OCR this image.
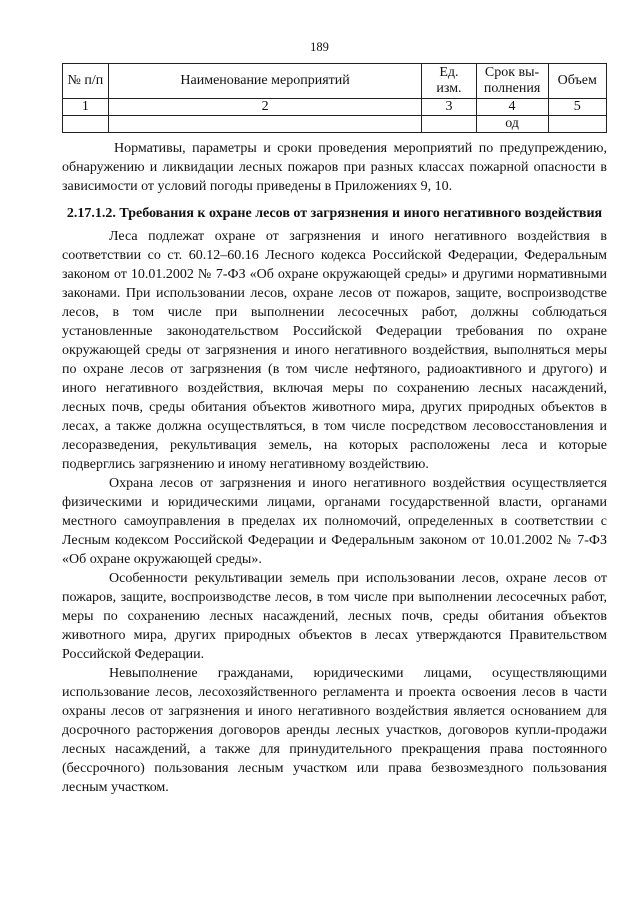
189
№ п/п	Наименование мероприятий	Ед. изм.	Срок вы- полнения	Объем
1	2	3	4	5
			од	

Нормативы, параметры и сроки проведения мероприятий по предупреждению, обнаружению и ликвидации лесных пожаров при разных классах пожарной опасности в зависимости от условий погоды приведены в Приложениях 9, 10.

2.17.1.2. Требования к охране лесов от загрязнения и иного негативного воздействия

Леса подлежат охране от загрязнения и иного негативного воздействия в соответствии со ст. 60.12–60.16 Лесного кодекса Российской Федерации, Федеральным законом от 10.01.2002 № 7-ФЗ «Об охране окружающей среды» и другими нормативными законами. При использовании лесов, охране лесов от пожаров, защите, воспроизводстве лесов, в том числе при выполнении лесосечных работ, должны соблюдаться установленные законодательством Российской Федерации требования по охране окружающей среды от загрязнения и иного негативного воздействия, выполняться меры по охране лесов от загрязнения (в том числе нефтяного, радиоактивного и другого) и иного негативного воздействия, включая меры по сохранению лесных насаждений, лесных почв, среды обитания объектов животного мира, других природных объектов в лесах, а также должна осуществляться, в том числе посредством лесовосстановления и лесоразведения, рекультивация земель, на которых расположены леса и которые подверглись загрязнению и иному негативному воздействию.

Охрана лесов от загрязнения и иного негативного воздействия осуществляется физическими и юридическими лицами, органами государственной власти, органами местного самоуправления в пределах их полномочий, определенных в соответствии с Лесным кодексом Российской Федерации и Федеральным законом от 10.01.2002 № 7-ФЗ «Об охране окружающей среды».

Особенности рекультивации земель при использовании лесов, охране лесов от пожаров, защите, воспроизводстве лесов, в том числе при выполнении лесосечных работ, меры по сохранению лесных насаждений, лесных почв, среды обитания объектов животного мира, других природных объектов в лесах утверждаются Правительством Российской Федерации.

Невыполнение гражданами, юридическими лицами, осуществляющими использование лесов, лесохозяйственного регламента и проекта освоения лесов в части охраны лесов от загрязнения и иного негативного воздействия является основанием для досрочного расторжения договоров аренды лесных участков, договоров купли-продажи лесных насаждений, а также для принудительного прекращения права постоянного (бессрочного) пользования лесным участком или права безвозмездного пользования лесным участком.
